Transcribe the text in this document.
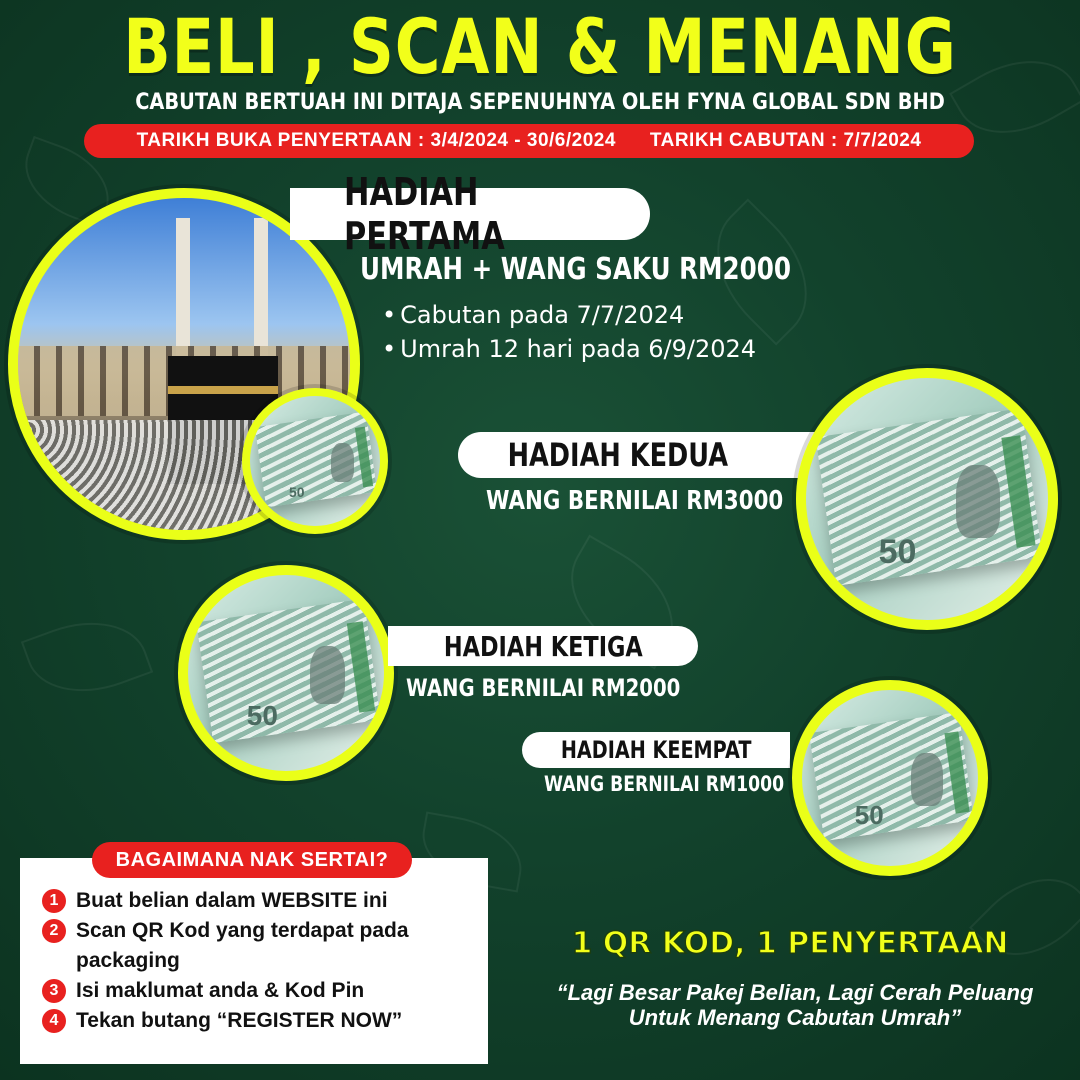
BELI , SCAN & MENANG
CABUTAN BERTUAH INI DITAJA SEPENUHNYA OLEH FYNA GLOBAL SDN BHD
TARIKH BUKA PENYERTAAN : 3/4/2024 - 30/6/2024 TARIKH CABUTAN : 7/7/2024
HADIAH PERTAMA
UMRAH + WANG SAKU RM2000
• Cabutan pada 7/7/2024
• Umrah 12 hari pada 6/9/2024
50
HADIAH KEDUA
WANG BERNILAI RM3000
50
50
HADIAH KETIGA
WANG BERNILAI RM2000
HADIAH KEEMPAT
WANG BERNILAI RM1000
50
BAGAIMANA NAK SERTAI?
1 Buat belian dalam WEBSITE ini
2 Scan QR Kod yang terdapat pada packaging
3 Isi maklumat anda & Kod Pin
4 Tekan butang “REGISTER NOW”
1 QR KOD, 1 PENYERTAAN
“Lagi Besar Pakej Belian, Lagi Cerah Peluang Untuk Menang Cabutan Umrah”
